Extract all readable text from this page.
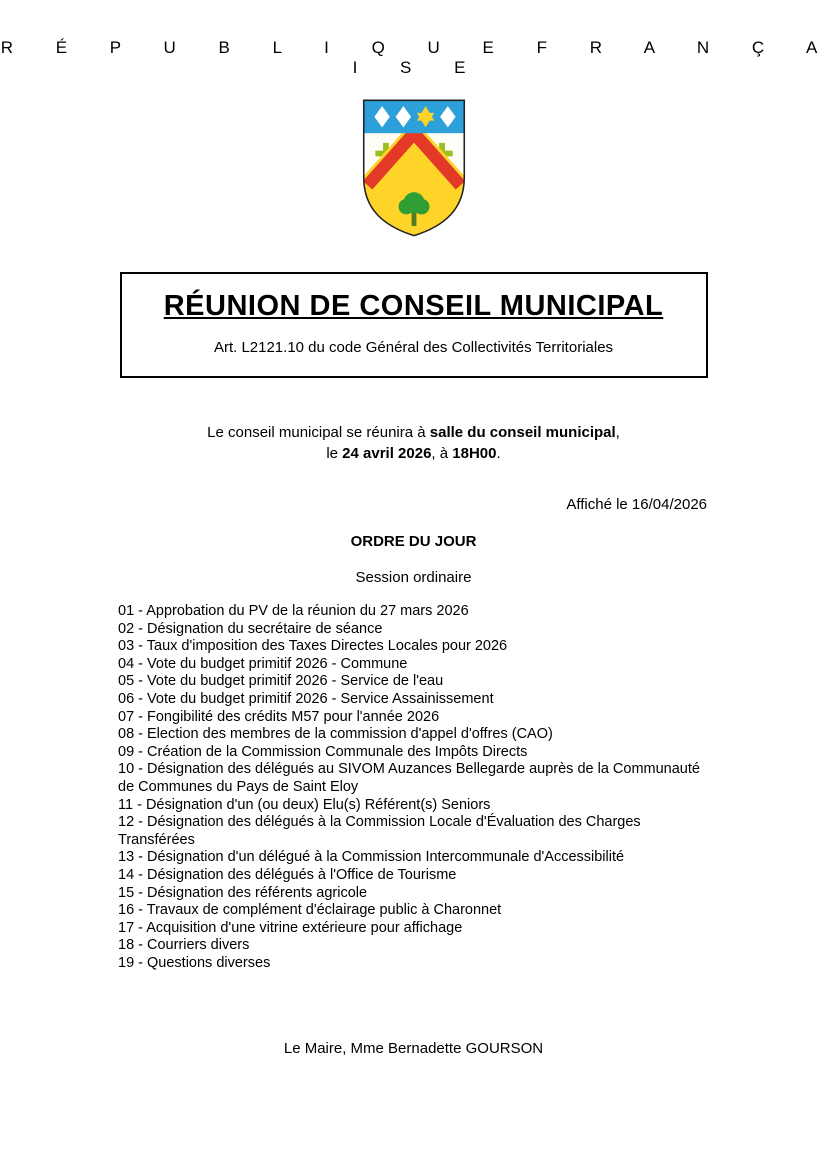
R É P U B L I Q U E F R A N Ç A I S E
RÉUNION DE CONSEIL MUNICIPAL
Art. L2121.10 du code Général des Collectivités Territoriales
Le conseil municipal se réunira à salle du conseil municipal,
le 24 avril 2026, à 18H00.
Affiché le 16/04/2026
ORDRE DU JOUR
Session ordinaire
01 - Approbation du PV de la réunion du 27 mars 2026
02 - Désignation du secrétaire de séance
03 - Taux d'imposition des Taxes Directes Locales pour 2026
04 - Vote du budget primitif 2026 - Commune
05 - Vote du budget primitif 2026 - Service de l'eau
06 - Vote du budget primitif 2026 - Service Assainissement
07 - Fongibilité des crédits M57 pour l'année 2026
08 - Election des membres de la commission d'appel d'offres (CAO)
09 - Création de la Commission Communale des Impôts Directs
10 - Désignation des délégués au SIVOM Auzances Bellegarde auprès de la Communauté de Communes du Pays de Saint Eloy
11 - Désignation d'un (ou deux) Elu(s) Référent(s) Seniors
12 - Désignation des délégués à la Commission Locale d'Évaluation des Charges Transférées
13 - Désignation d'un délégué à la Commission Intercommunale d'Accessibilité
14 - Désignation des délégués à l'Office de Tourisme
15 - Désignation des référents agricole
16 - Travaux de complément d'éclairage public à Charonnet
17 - Acquisition d'une vitrine extérieure pour affichage
18 - Courriers divers
19 - Questions diverses
Le Maire, Mme Bernadette GOURSON
